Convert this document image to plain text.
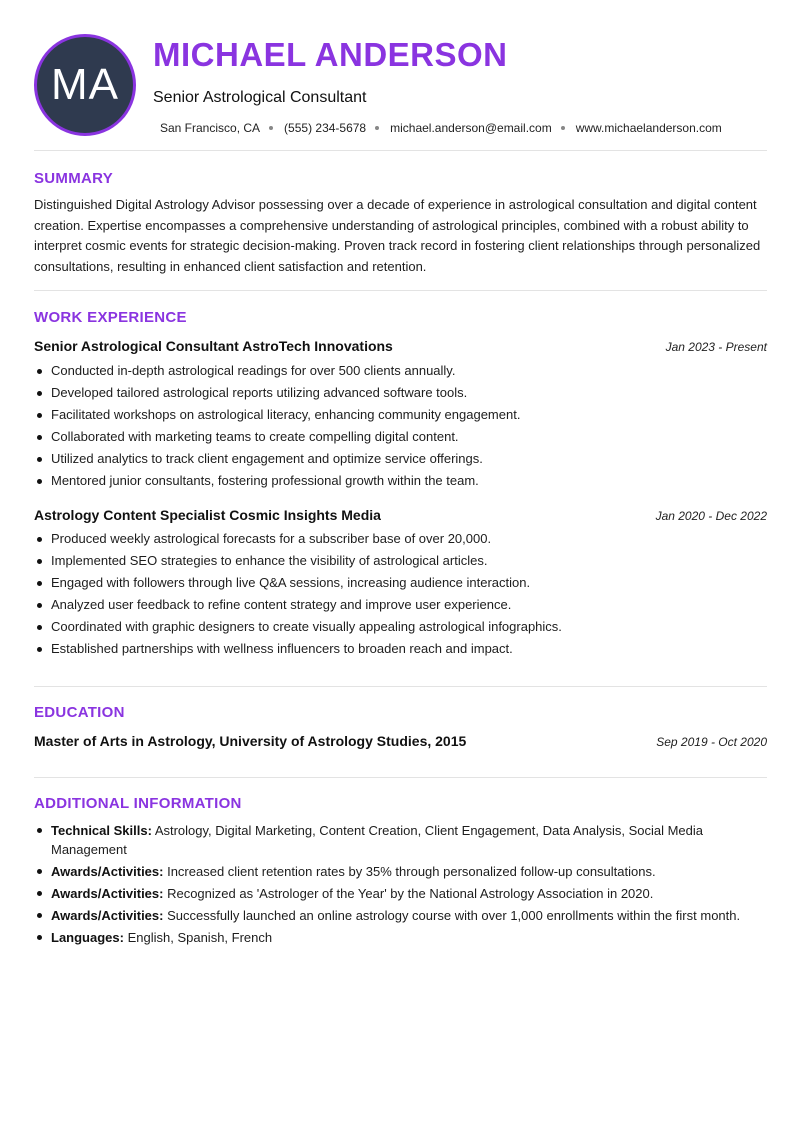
MA
MICHAEL ANDERSON
Senior Astrological Consultant
San Francisco, CA (555) 234-5678 michael.anderson@email.com www.michaelanderson.com
SUMMARY
Distinguished Digital Astrology Advisor possessing over a decade of experience in astrological consultation and digital content creation. Expertise encompasses a comprehensive understanding of astrological principles, combined with a robust ability to interpret cosmic events for strategic decision-making. Proven track record in fostering client relationships through personalized consultations, resulting in enhanced client satisfaction and retention.
WORK EXPERIENCE
Senior Astrological Consultant AstroTech Innovations	Jan 2023 - Present
Conducted in-depth astrological readings for over 500 clients annually.
Developed tailored astrological reports utilizing advanced software tools.
Facilitated workshops on astrological literacy, enhancing community engagement.
Collaborated with marketing teams to create compelling digital content.
Utilized analytics to track client engagement and optimize service offerings.
Mentored junior consultants, fostering professional growth within the team.
Astrology Content Specialist Cosmic Insights Media	Jan 2020 - Dec 2022
Produced weekly astrological forecasts for a subscriber base of over 20,000.
Implemented SEO strategies to enhance the visibility of astrological articles.
Engaged with followers through live Q&A sessions, increasing audience interaction.
Analyzed user feedback to refine content strategy and improve user experience.
Coordinated with graphic designers to create visually appealing astrological infographics.
Established partnerships with wellness influencers to broaden reach and impact.
EDUCATION
Master of Arts in Astrology, University of Astrology Studies, 2015	Sep 2019 - Oct 2020
ADDITIONAL INFORMATION
Technical Skills: Astrology, Digital Marketing, Content Creation, Client Engagement, Data Analysis, Social Media Management
Awards/Activities: Increased client retention rates by 35% through personalized follow-up consultations.
Awards/Activities: Recognized as 'Astrologer of the Year' by the National Astrology Association in 2020.
Awards/Activities: Successfully launched an online astrology course with over 1,000 enrollments within the first month.
Languages: English, Spanish, French
